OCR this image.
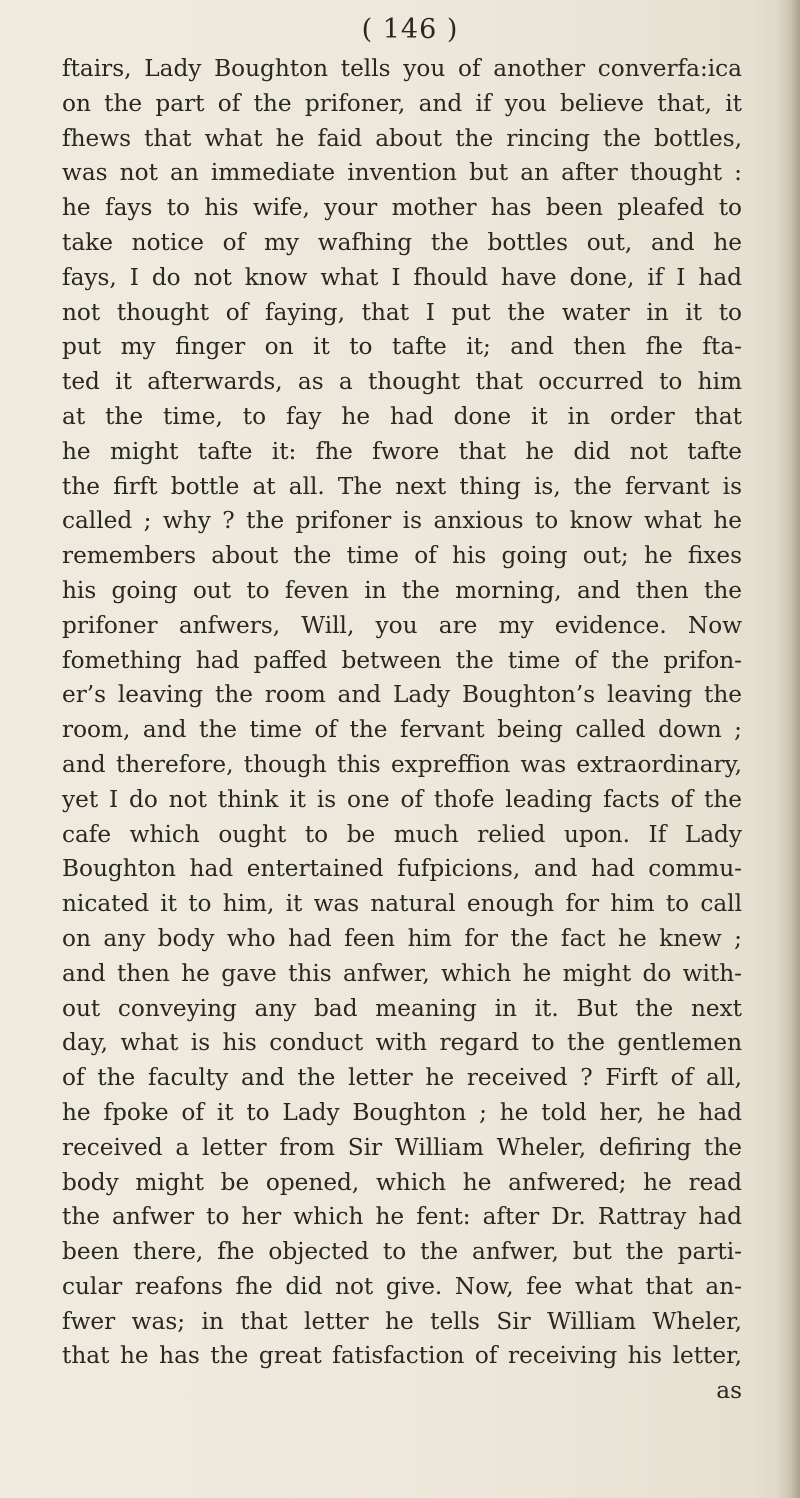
( 146 )
ftairs, Lady Boughton tells you of another converfa:ica
on the part of the prifoner, and if you believe that, it
fhews that what he faid about the rincing the bottles,
was not an immediate invention but an after thought :
he fays to his wife, your mother has been pleafed to
take notice of my wafhing the bottles out, and he
fays, I do not know what I fhould have done, if I had
not thought of faying, that I put the water in it to
put my finger on it to tafte it; and then fhe fta-
ted it afterwards, as a thought that occurred to him
at the time, to fay he had done it in order that
he might tafte it: fhe fwore that he did not tafte
the firft bottle at all. The next thing is, the fervant is
called ; why ? the prifoner is anxious to know what he
remembers about the time of his going out; he fixes
his going out to feven in the morning, and then the
prifoner anfwers, Will, you are my evidence. Now
fomething had paffed between the time of the prifon-
er’s leaving the room and Lady Boughton’s leaving the
room, and the time of the fervant being called down ;
and therefore, though this expreffion was extraordinary,
yet I do not think it is one of thofe leading facts of the
cafe which ought to be much relied upon. If Lady
Boughton had entertained fufpicions, and had commu-
nicated it to him, it was natural enough for him to call
on any body who had feen him for the fact he knew ;
and then he gave this anfwer, which he might do with-
out conveying any bad meaning in it. But the next
day, what is his conduct with regard to the gentlemen
of the faculty and the letter he received ? Firft of all,
he fpoke of it to Lady Boughton ; he told her, he had
received a letter from Sir William Wheler, defiring the
body might be opened, which he anfwered; he read
the anfwer to her which he fent: after Dr. Rattray had
been there, fhe objected to the anfwer, but the parti-
cular reafons fhe did not give. Now, fee what that an-
fwer was; in that letter he tells Sir William Wheler,
that he has the great fatisfaction of receiving his letter,
as
